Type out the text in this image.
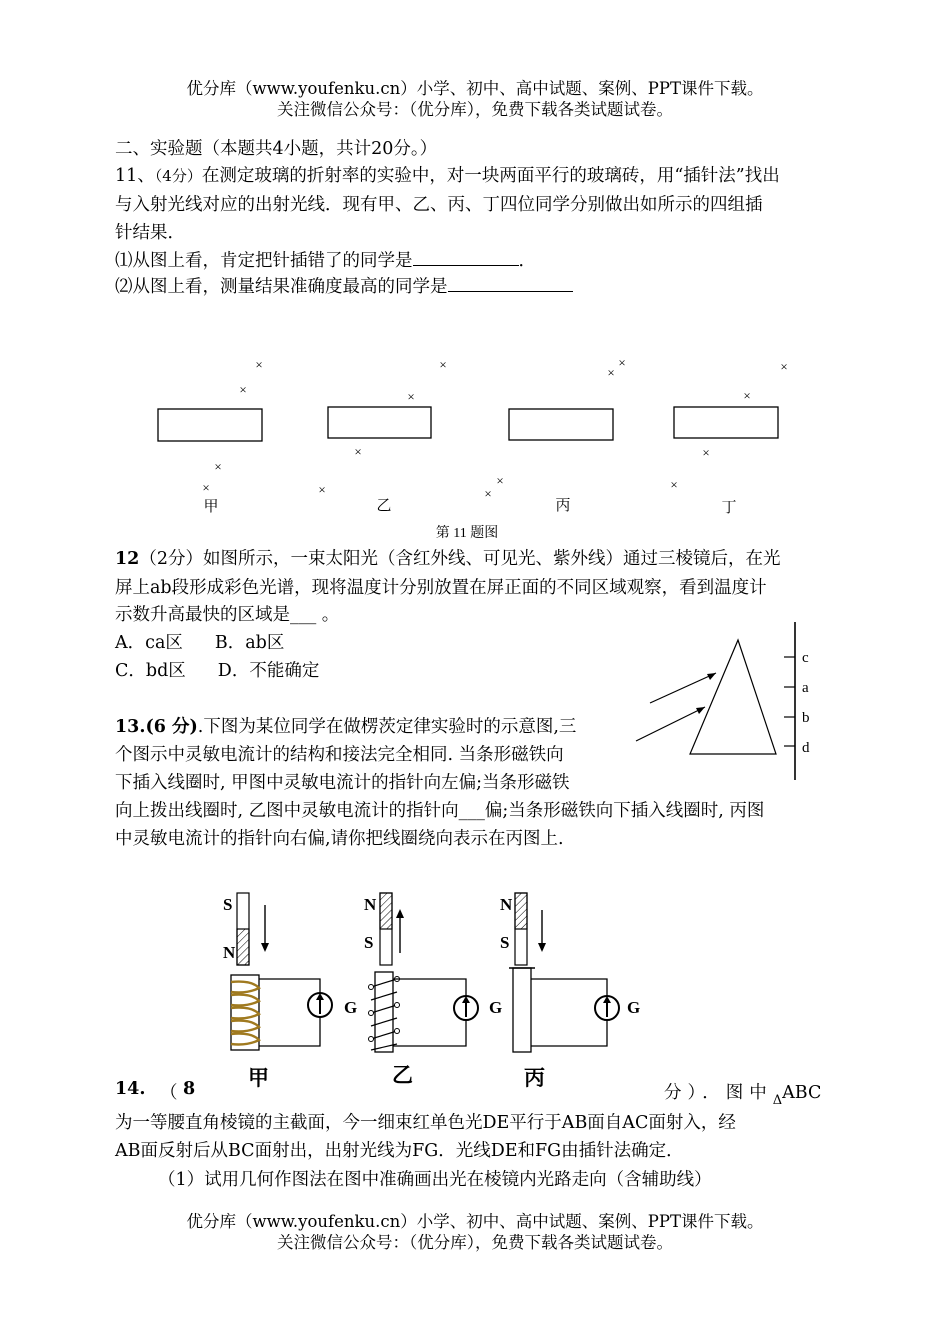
优分库（www.youfenku.cn）小学、初中、高中试题、案例、PPT课件下载。
关注微信公众号：（优分库），免费下载各类试题试卷。
二、实验题（本题共4小题，共计20分。）
11、（4分）在测定玻璃的折射率的实验中，对一块两面平行的玻璃砖，用“插针法”找出
与入射光线对应的出射光线．现有甲、乙、丙、丁四位同学分别做出如所示的四组插
针结果．
⑴从图上看，肯定把针插错了的同学是	．
⑵从图上看，测量结果准确度最高的同学是
×
×
×
×
×
×
×
×
×
×
×
×
×
×
×
×
甲	乙	丙	丁
第 11 题图
12（2分）如图所示，一束太阳光（含红外线、可见光、紫外线）通过三棱镜后，在光
屏上ab段形成彩色光谱，现将温度计分别放置在屏正面的不同区域观察，看到温度计
示数升高最快的区域是___ 。
A．ca区 B．ab区
C．bd区 D．不能确定
c
a
b
d
13.(6 分).下图为某位同学在做楞茨定律实验时的示意图,三
个图示中灵敏电流计的结构和接法完全相同. 当条形磁铁向
下插入线圈时, 甲图中灵敏电流计的指针向左偏;当条形磁铁
向上拨出线圈时, 乙图中灵敏电流计的指针向___偏;当条形磁铁向下插入线圈时, 丙图
中灵敏电流计的指针向右偏,请你把线圈绕向表示在丙图上.
S
N
G
N
S
G
N
S
G
甲	乙	丙
14. （ 8	分）．图中$_\Delta$ABC
为一等腰直角棱镜的主截面，今一细束红单色光DE平行于AB面自AC面射入，经
AB面反射后从BC面射出，出射光线为FG．光线DE和FG由插针法确定．
（1）试用几何作图法在图中准确画出光在棱镜内光路走向（含辅助线）
优分库（www.youfenku.cn）小学、初中、高中试题、案例、PPT课件下载。
关注微信公众号：（优分库），免费下载各类试题试卷。
